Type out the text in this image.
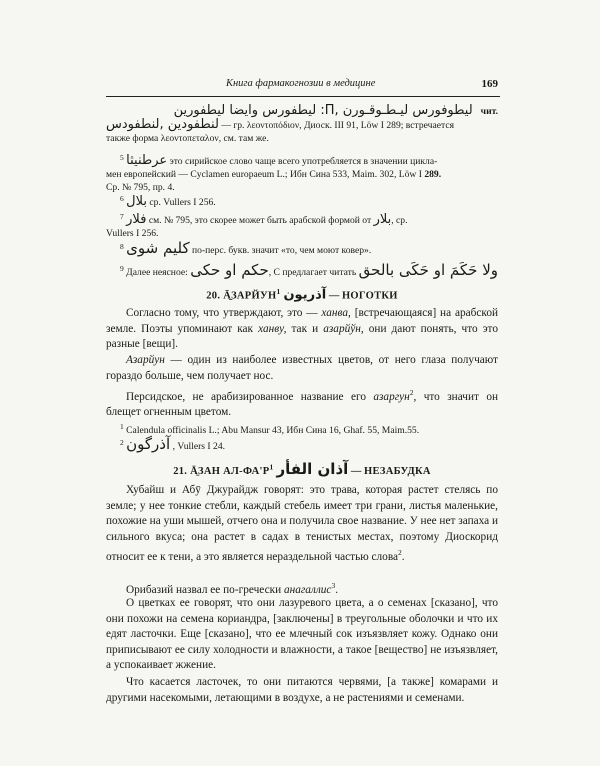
Книга фармакогнозии в медицине	169
ليطوفورس ليـطـوقـورن ,П: ليطفورس وايضا ليطفورين чит.
لنطفودين ,لنطفودس — гр. λεοντοπόδιον, Диоск. III 91, Löw I 289; встречается
также форма λεοντοπεταλον, см. там же.
$^5$ عرطنيثا это сирийское слово чаще всего употребляется в значении цикла-
мен европейский — Cyclamen europaeum L.; Ибн Сина 533, Maim. 302, Löw I 289.
Ср. № 795, пр. 4.
$^6$ بلال ср. Vullers I 256.
$^7$ فلار см. № 795, это скорее может быть арабской формой от بلار, ср.
Vullers I 256.
$^8$ كليم شوى по-перс. букв. значит «то, чем моют ковер».
$^9$ Далее неясное: حكم او حكى, С предлагает читать ولا حَكَمَ او حَكَى بالحق
20. Ā̱ЗАРЙУН$^1$ آذريون — НОГОТКИ
Согласно тому, что утверждают, это — ханва, [встречающаяся] на арабской земле. Поэты упоминают как ханву, так и азарйўн, они дают понять, что это разные [вещи].
Азарйун — один из наиболее известных цветов, от него глаза получают гораздо больше, чем получает нос.
Персидское, не арабизированное название его азаргун$^2$, что значит он блещет огненным цветом.
$^1$ Calendula officinalis L.; Abu Mansur 43, Ибн Сина 16, Ghaf. 55, Maim.55.
$^2$ آذرگون , Vullers I 24.
21. Ā̱ЗАН $АЛ-ФА'Р^1$ آذان الفأر — НЕЗАБУДКА
Хубайш и Абӯ Джурайдж говорят: это трава, которая растет стелясь по земле; у нее тонкие стебли, каждый стебель имеет три грани, листья маленькие, похожие на уши мышей, отчего она и получила свое название. У нее нет запаха и сильного вкуса; она растет в садах в тенистых местах, поэтому Диоскорид относит ее к тени, а это является нераздельной частью слова$^2$.
Орибазий назвал ее по-гречески анагаллис$^3$.
О цветках ее говорят, что они лазуревого цвета, а о семенах [сказано], что они похожи на семена кориандра, [заключены] в треугольные оболочки и что их едят ласточки. Еще [сказано], что ее млечный сок изъязвляет кожу. Однако они приписывают ее силу холодности и влажности, а такое [вещество] не изъязвляет, а успокаивает жжение.
Что касается ласточек, то они питаются червями, [а также] комарами и другими насекомыми, летающими в воздухе, а не растениями и семенами.
